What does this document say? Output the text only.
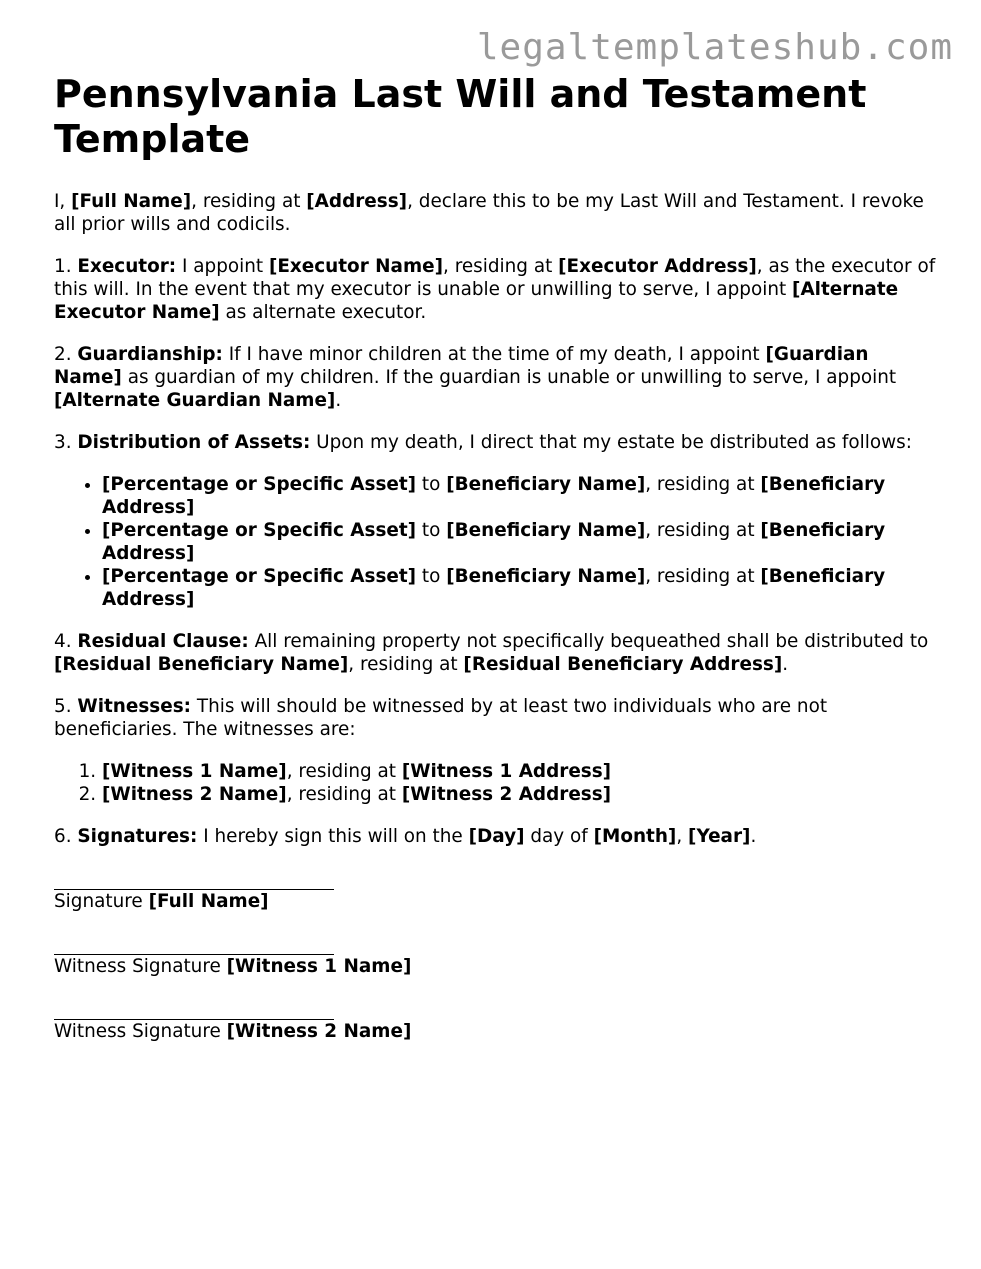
legaltemplateshub.com
Pennsylvania Last Will and Testament Template

I, [Full Name], residing at [Address], declare this to be my Last Will and Testament. I revoke all prior wills and codicils.

1. Executor: I appoint [Executor Name], residing at [Executor Address], as the executor of this will. In the event that my executor is unable or unwilling to serve, I appoint [Alternate Executor Name] as alternate executor.

2. Guardianship: If I have minor children at the time of my death, I appoint [Guardian Name] as guardian of my children. If the guardian is unable or unwilling to serve, I appoint [Alternate Guardian Name].

3. Distribution of Assets: Upon my death, I direct that my estate be distributed as follows:

• [Percentage or Specific Asset] to [Beneficiary Name], residing at [Beneficiary Address]
• [Percentage or Specific Asset] to [Beneficiary Name], residing at [Beneficiary Address]
• [Percentage or Specific Asset] to [Beneficiary Name], residing at [Beneficiary Address]

4. Residual Clause: All remaining property not specifically bequeathed shall be distributed to [Residual Beneficiary Name], residing at [Residual Beneficiary Address].

5. Witnesses: This will should be witnessed by at least two individuals who are not beneficiaries. The witnesses are:

1. [Witness 1 Name], residing at [Witness 1 Address]
2. [Witness 2 Name], residing at [Witness 2 Address]

6. Signatures: I hereby sign this will on the [Day] day of [Month], [Year].

Signature [Full Name]
Witness Signature [Witness 1 Name]
Witness Signature [Witness 2 Name]
